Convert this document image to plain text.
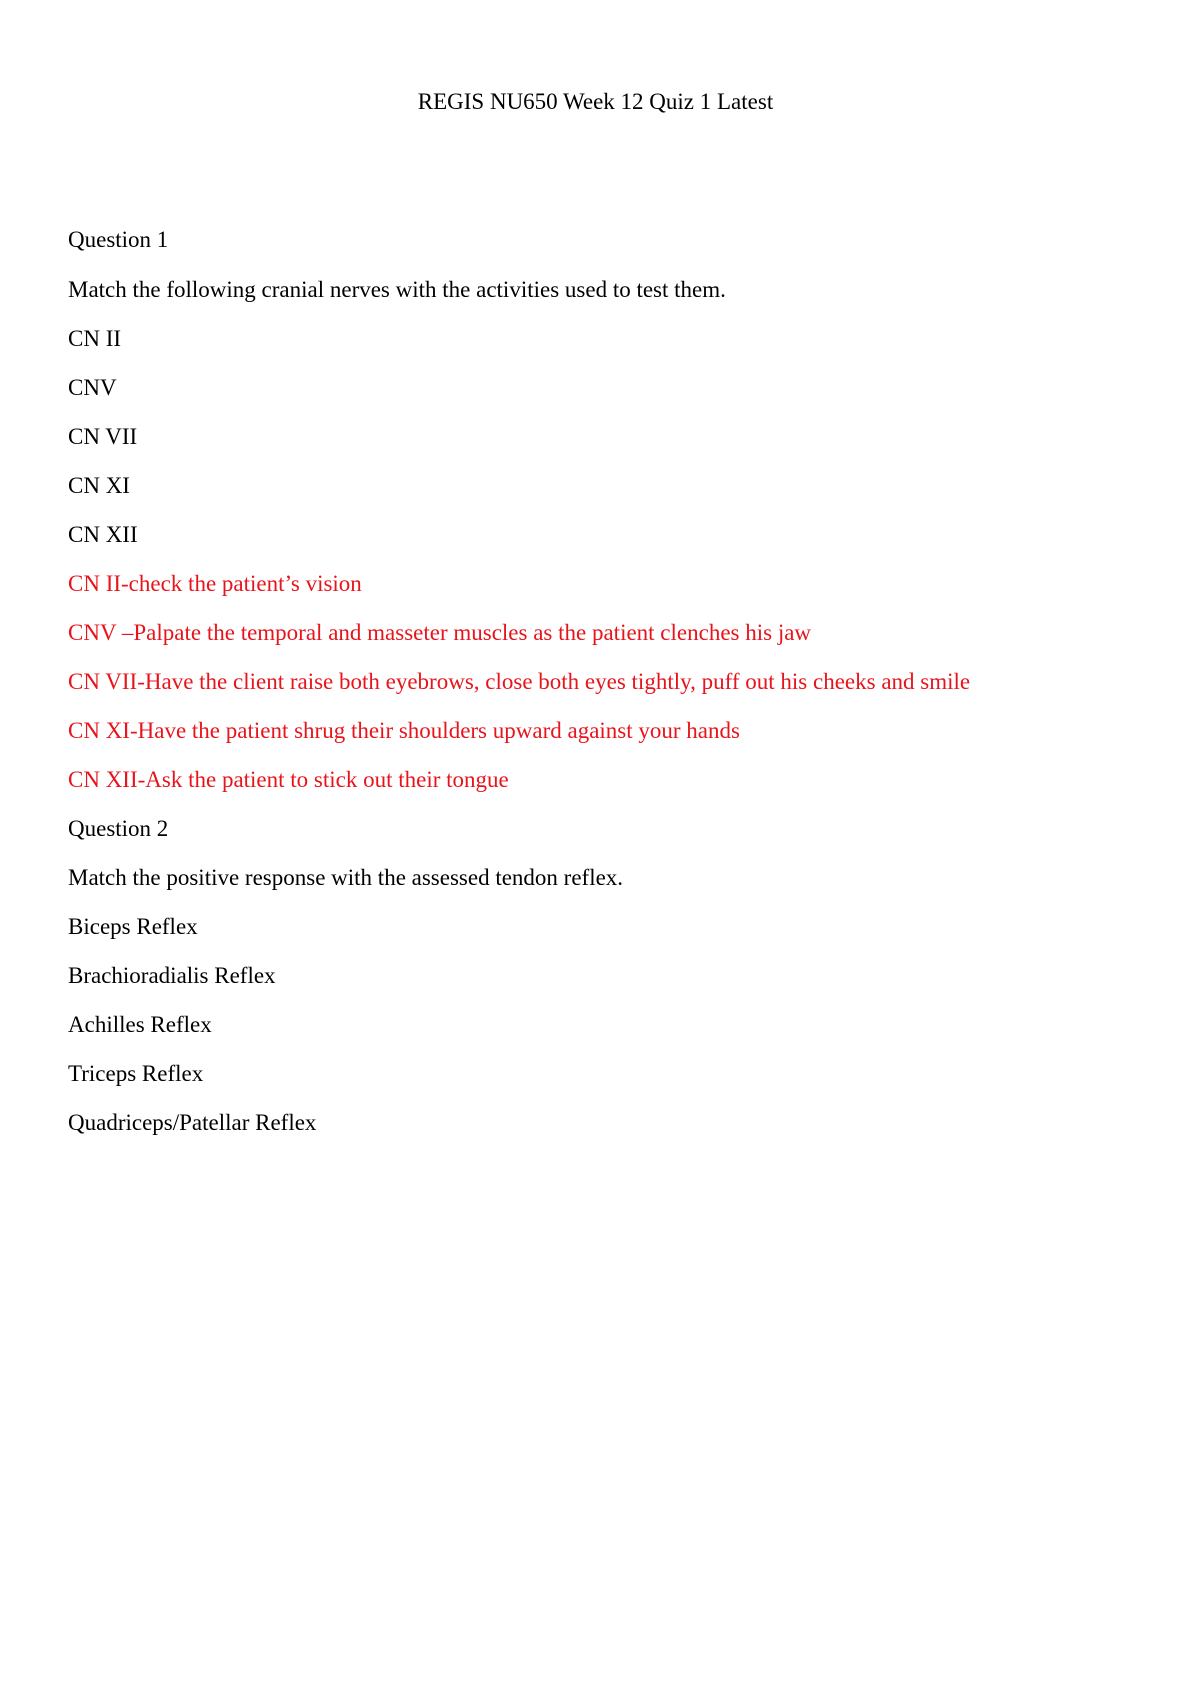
REGIS NU650 Week 12 Quiz 1 Latest
Question 1
Match the following cranial nerves with the activities used to test them.
CN II
CNV
CN VII
CN XI
CN XII
CN II-check the patient’s vision
CNV –Palpate the temporal and masseter muscles as the patient clenches his jaw
CN VII-Have the client raise both eyebrows, close both eyes tightly, puff out his cheeks and smile
CN XI-Have the patient shrug their shoulders upward against your hands
CN XII-Ask the patient to stick out their tongue
Question 2
Match the positive response with the assessed tendon reflex.
Biceps Reflex
Brachioradialis Reflex
Achilles Reflex
Triceps Reflex
Quadriceps/Patellar Reflex
